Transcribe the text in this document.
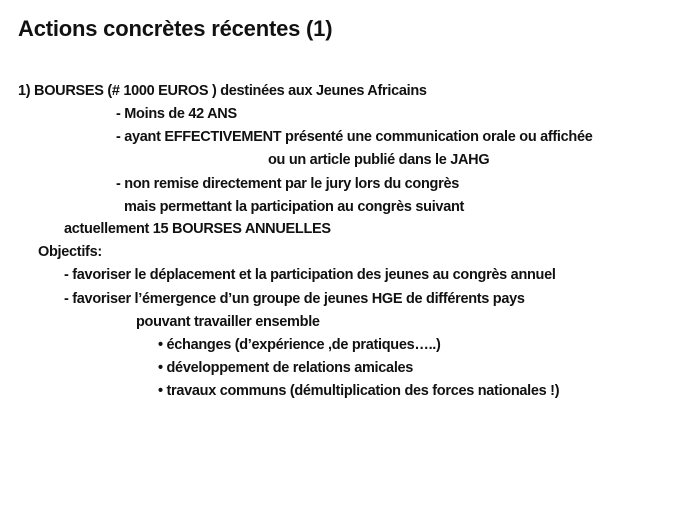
Actions concrètes récentes (1)
1) BOURSES (# 1000 EUROS ) destinées aux Jeunes Africains
- Moins de 42 ANS
- ayant EFFECTIVEMENT présenté une communication orale ou affichée
ou un article publié dans le JAHG
- non remise directement par le jury lors du congrès
mais permettant la participation au congrès suivant
actuellement 15 BOURSES ANNUELLES
Objectifs:
- favoriser le déplacement et la participation des jeunes au congrès annuel
- favoriser l’émergence d’un groupe de jeunes HGE de différents pays
pouvant travailler ensemble
• échanges (d’expérience ,de pratiques…..)
• développement de relations amicales
• travaux communs (démultiplication des forces nationales !)
